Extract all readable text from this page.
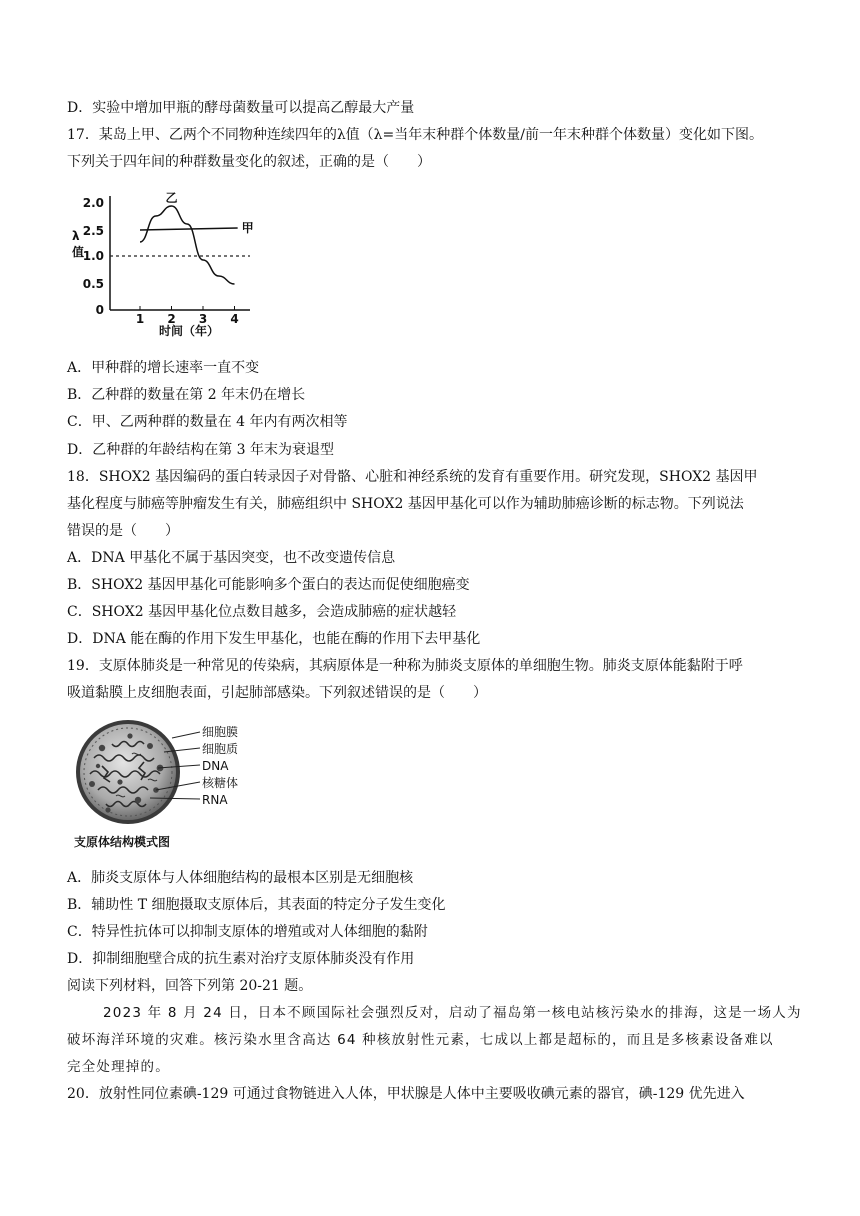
D．实验中增加甲瓶的酵母菌数量可以提高乙醇最大产量
17．某岛上甲、乙两个不同物种连续四年的λ值（λ=当年末种群个体数量/前一年末种群个体数量）变化如下图。
下列关于四年间的种群数量变化的叙述，正确的是（　　）
0
0.5
1.0
2.5
2.0
1 2 3 4
甲
乙
λ
值
时间（年）
A．甲种群的增长速率一直不变
B．乙种群的数量在第 2 年末仍在增长
C．甲、乙两种群的数量在 4 年内有两次相等
D．乙种群的年龄结构在第 3 年末为衰退型
18．SHOX2 基因编码的蛋白转录因子对骨骼、心脏和神经系统的发育有重要作用。研究发现，SHOX2 基因甲
基化程度与肺癌等肿瘤发生有关，肺癌组织中 SHOX2 基因甲基化可以作为辅助肺癌诊断的标志物。下列说法
错误的是（　　）
A．DNA 甲基化不属于基因突变，也不改变遗传信息
B．SHOX2 基因甲基化可能影响多个蛋白的表达而促使细胞癌变
C．SHOX2 基因甲基化位点数目越多，会造成肺癌的症状越轻
D．DNA 能在酶的作用下发生甲基化，也能在酶的作用下去甲基化
19．支原体肺炎是一种常见的传染病，其病原体是一种称为肺炎支原体的单细胞生物。肺炎支原体能黏附于呼
吸道黏膜上皮细胞表面，引起肺部感染。下列叙述错误的是（　　）
细胞膜
细胞质
DNA
核糖体
RNA
支原体结构模式图
A．肺炎支原体与人体细胞结构的最根本区别是无细胞核
B．辅助性 T 细胞摄取支原体后，其表面的特定分子发生变化
C．特异性抗体可以抑制支原体的增殖或对人体细胞的黏附
D．抑制细胞壁合成的抗生素对治疗支原体肺炎没有作用
阅读下列材料，回答下列第 20-21 题。
2023 年 8 月 24 日，日本不顾国际社会强烈反对，启动了福岛第一核电站核污染水的排海，这是一场人为
破坏海洋环境的灾难。核污染水里含高达 64 种核放射性元素，七成以上都是超标的，而且是多核素设备难以
完全处理掉的。
20．放射性同位素碘-129 可通过食物链进入人体，甲状腺是人体中主要吸收碘元素的器官，碘-129 优先进入
